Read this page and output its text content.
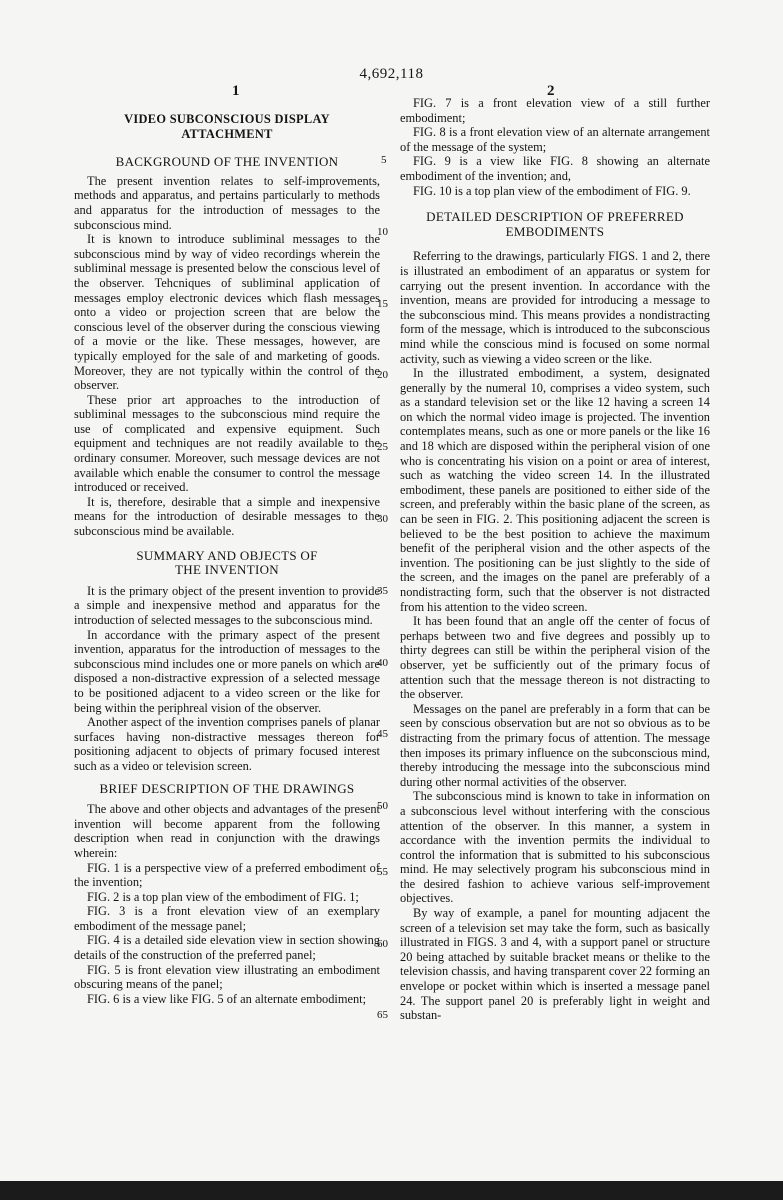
4,692,118
1	2
VIDEO SUBCONSCIOUS DISPLAY ATTACHMENT
BACKGROUND OF THE INVENTION

The present invention relates to self-improvements, methods and apparatus, and pertains particularly to methods and apparatus for the introduction of messages to the subconscious mind.

It is known to introduce subliminal messages to the subconscious mind by way of video recordings wherein the subliminal message is presented below the conscious level of the observer. Tehcniques of subliminal application of messages employ electronic devices which flash messages onto a video or projection screen that are below the conscious level of the observer during the conscious viewing of a movie or the like. These messages, however, are typically employed for the sale of and marketing of goods. Moreover, they are not typically within the control of the observer.

These prior art approaches to the introduction of subliminal messages to the subconscious mind require the use of complicated and expensive equipment. Such equipment and techniques are not readily available to the ordinary consumer. Moreover, such message devices are not available which enable the consumer to control the message introduced or received.

It is, therefore, desirable that a simple and inexpensive means for the introduction of desirable messages to the subconscious mind be available.

SUMMARY AND OBJECTS OF THE INVENTION

It is the primary object of the present invention to provide a simple and inexpensive method and apparatus for the introduction of selected messages to the subconscious mind.

In accordance with the primary aspect of the present invention, apparatus for the introduction of messages to the subconscious mind includes one or more panels on which are disposed a non-distractive expression of a selected message to be positioned adjacent to a video screen or the like for being within the periphreal vision of the observer.

Another aspect of the invention comprises panels of planar surfaces having non-distractive messages thereon for positioning adjacent to objects of primary focused interest such as a video or television screen.

BRIEF DESCRIPTION OF THE DRAWINGS

The above and other objects and advantages of the present invention will become apparent from the following description when read in conjunction with the drawings wherein:

FIG. 1 is a perspective view of a preferred embodiment of the invention;

FIG. 2 is a top plan view of the embodiment of FIG. 1;

FIG. 3 is a front elevation view of an exemplary embodiment of the message panel;

FIG. 4 is a detailed side elevation view in section showing details of the construction of the preferred panel;

FIG. 5 is front elevation view illustrating an embodiment obscuring means of the panel;

FIG. 6 is a view like FIG. 5 of an alternate embodiment;

FIG. 7 is a front elevation view of a still further embodiment;

FIG. 8 is a front elevation view of an alternate arrangement of the message of the system;

FIG. 9 is a view like FIG. 8 showing an alternate embodiment of the invention; and,

FIG. 10 is a top plan view of the embodiment of FIG. 9.

DETAILED DESCRIPTION OF PREFERRED EMBODIMENTS

Referring to the drawings, particularly FIGS. 1 and 2, there is illustrated an embodiment of an apparatus or system for carrying out the present invention. In accordance with the invention, means are provided for introducing a message to the subconscious mind. This means provides a nondistracting form of the message, which is introduced to the subconscious mind while the conscious mind is focused on some normal activity, such as viewing a video screen or the like.

In the illustrated embodiment, a system, designated generally by the numeral 10, comprises a video system, such as a standard television set or the like 12 having a screen 14 on which the normal video image is projected. The invention contemplates means, such as one or more panels or the like 16 and 18 which are disposed within the peripheral vision of one who is concentrating his vision on a point or area of interest, such as watching the video screen 14. In the illustrated embodiment, these panels are positioned to either side of the screen, and preferably within the basic plane of the screen, as can be seen in FIG. 2. This positioning adjacent the screen is believed to be the best position to achieve the maximum benefit of the peripheral vision and the other aspects of the invention. The positioning can be just slightly to the side of the screen, and the images on the panel are preferably of a nondistracting form, such that the observer is not distracted from his attention to the video screen.

It has been found that an angle off the center of focus of perhaps between two and five degrees and possibly up to thirty degrees can still be within the peripheral vision of the observer, yet be sufficiently out of the primary focus of attention such that the message thereon is not distracting to the observer.

Messages on the panel are preferably in a form that can be seen by conscious observation but are not so obvious as to be distracting from the primary focus of attention. The message then imposes its primary influence on the subconscious mind, thereby introducing the message into the subconscious mind during other normal activities of the observer.

The subconscious mind is known to take in information on a subconscious level without interfering with the conscious attention of the observer. In this manner, a system in accordance with the invention permits the individual to control the information that is submitted to his subconscious mind. He may selectively program his subconscious mind in the desired fashion to achieve various self-improvement objectives.

By way of example, a panel for mounting adjacent the screen of a television set may take the form, such as basically illustrated in FIGS. 3 and 4, with a support panel or structure 20 being attached by suitable bracket means or thelike to the television chassis, and having transparent cover 22 forming an envelope or pocket within which is inserted a message panel 24. The support panel 20 is preferably light in weight and substan-

5
10
15
20
25
30
35
40
45
50
55
60
65
